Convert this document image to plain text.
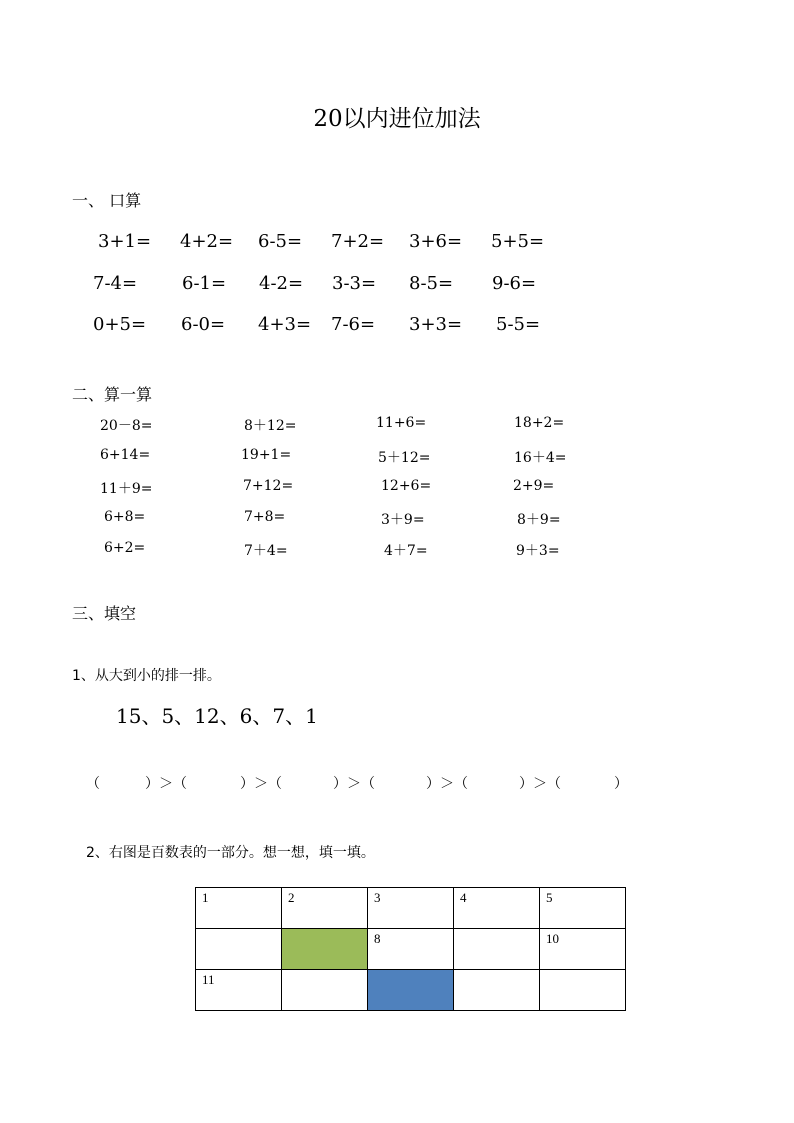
20以内进位加法
一、 口算
3+1= 4+2= 6-5= 7+2= 3+6= 5+5=
7-4= 6-1= 4-2= 3-3= 8-5= 9-6=
0+5= 6-0= 4+3= 7-6= 3+3= 5-5=
二、算一算
20－8=	8＋12=	11+6=	18+2=
6+14=	19+1=	5＋12=	16＋4=
11＋9=	7+12=	12+6=	2+9=
6+8=	7+8=	3＋9=	8＋9=
6+2=	7＋4=	4＋7=	9＋3=
三、填空
1、从大到小的排一排。
15、5、12、6、7、1
（	）＞（	）＞（	）＞（	）＞（	）＞（	）
2、右图是百数表的一部分。想一想，填一填。
1	2	3	4	5
		8		10
11				
